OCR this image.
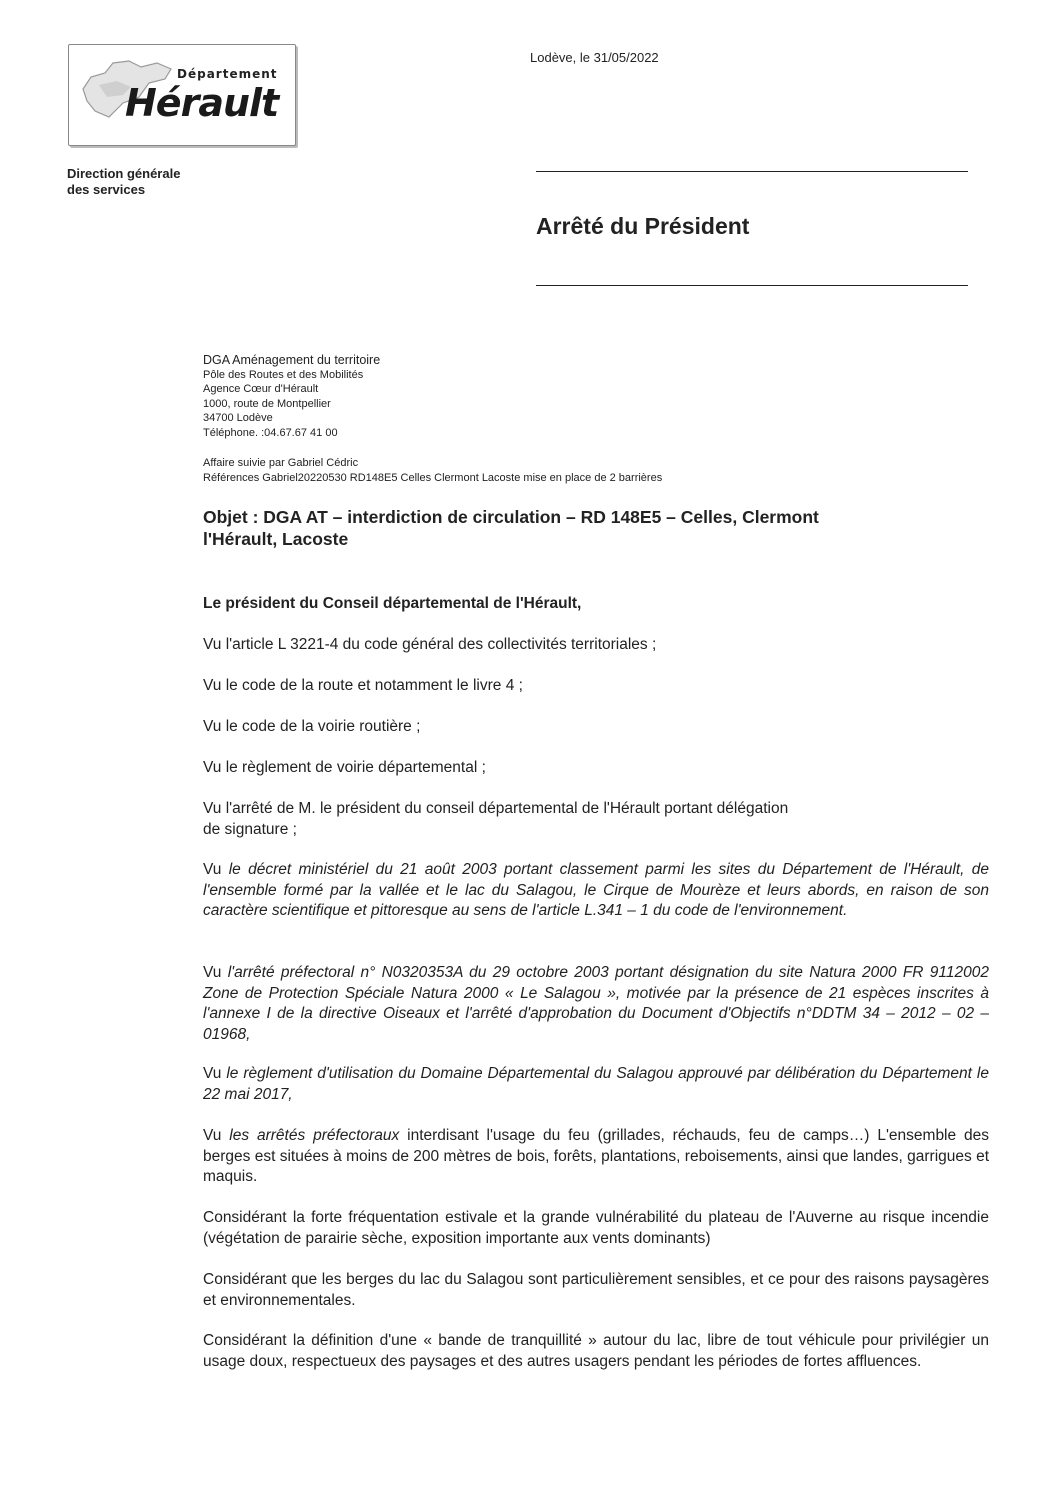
Département
Hérault
Direction générale
des services
Lodève, le 31/05/2022
Arrêté du Président
DGA Aménagement du territoire
Pôle des Routes et des Mobilités
Agence Cœur d'Hérault
1000, route de Montpellier
34700 Lodève
Téléphone. :04.67.67 41 00
Affaire suivie par Gabriel Cédric
Références Gabriel20220530 RD148E5 Celles Clermont Lacoste mise en place de 2 barrières
Objet : DGA AT – interdiction de circulation – RD 148E5 – Celles, Clermont
l'Hérault, Lacoste
Le président du Conseil départemental de l'Hérault,
Vu l'article L 3221-4 du code général des collectivités territoriales ;
Vu le code de la route et notamment le livre 4 ;
Vu le code de la voirie routière ;
Vu le règlement de voirie départemental ;
Vu l'arrêté de M. le président du conseil départemental de l'Hérault portant délégation
de signature ;
Vu le décret ministériel du 21 août 2003 portant classement parmi les sites du Département de l'Hérault, de l'ensemble formé par la vallée et le lac du Salagou, le Cirque de Mourèze et leurs abords, en raison de son caractère scientifique et pittoresque au sens de l'article L.341 – 1 du code de l'environnement.
Vu l'arrêté préfectoral n° N0320353A du 29 octobre 2003 portant désignation du site Natura 2000 FR 9112002 Zone de Protection Spéciale Natura 2000 « Le Salagou », motivée par la présence de 21 espèces inscrites à l'annexe I de la directive Oiseaux et l'arrêté d'approbation du Document d'Objectifs n°DDTM 34 – 2012 – 02 – 01968,
Vu le règlement d'utilisation du Domaine Départemental du Salagou approuvé par délibération du Département le 22 mai 2017,
Vu les arrêtés préfectoraux interdisant l'usage du feu (grillades, réchauds, feu de camps…) L'ensemble des berges est situées à moins de 200 mètres de bois, forêts, plantations, reboisements, ainsi que landes, garrigues et maquis.
Considérant la forte fréquentation estivale et la grande vulnérabilité du plateau de l'Auverne au risque incendie (végétation de parairie sèche, exposition importante aux vents dominants)
Considérant que les berges du lac du Salagou sont particulièrement sensibles, et ce pour des raisons paysagères et environnementales.
Considérant la définition d'une « bande de tranquillité » autour du lac, libre de tout véhicule pour privilégier un usage doux, respectueux des paysages et des autres usagers pendant les périodes de fortes affluences.
